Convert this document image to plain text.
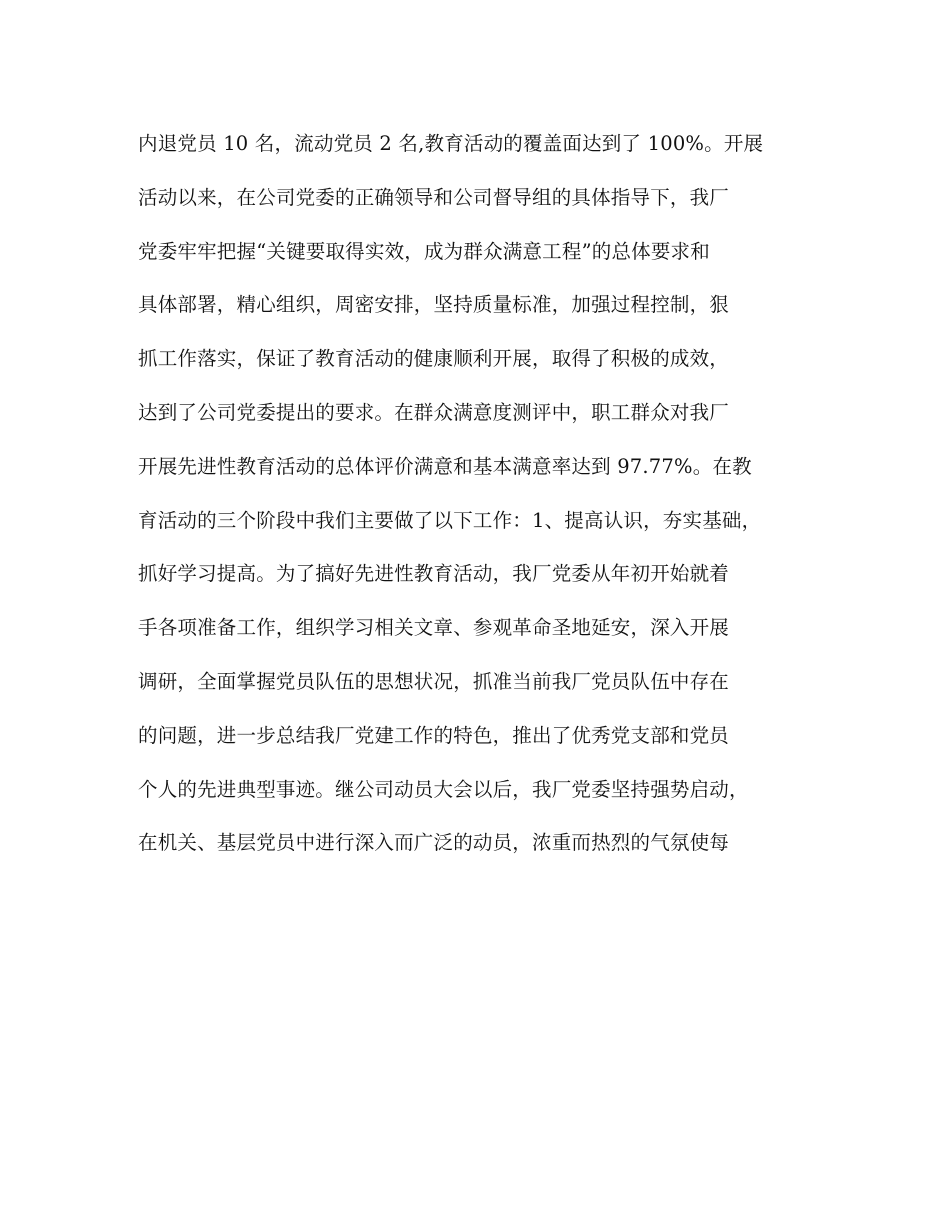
内退党员 10 名，流动党员 2 名,教育活动的覆盖面达到了 100%。开展
活动以来，在公司党委的正确领导和公司督导组的具体指导下，我厂
党委牢牢把握“关键要取得实效，成为群众满意工程”的总体要求和
具体部署，精心组织，周密安排，坚持质量标准，加强过程控制，狠
抓工作落实，保证了教育活动的健康顺利开展，取得了积极的成效，
达到了公司党委提出的要求。在群众满意度测评中，职工群众对我厂
开展先进性教育活动的总体评价满意和基本满意率达到 97.77%。在教
育活动的三个阶段中我们主要做了以下工作：1、提高认识，夯实基础，
抓好学习提高。为了搞好先进性教育活动，我厂党委从年初开始就着
手各项准备工作，组织学习相关文章、参观革命圣地延安，深入开展
调研，全面掌握党员队伍的思想状况，抓准当前我厂党员队伍中存在
的问题，进一步总结我厂党建工作的特色，推出了优秀党支部和党员
个人的先进典型事迹。继公司动员大会以后，我厂党委坚持强势启动，
在机关、基层党员中进行深入而广泛的动员，浓重而热烈的气氛使每
